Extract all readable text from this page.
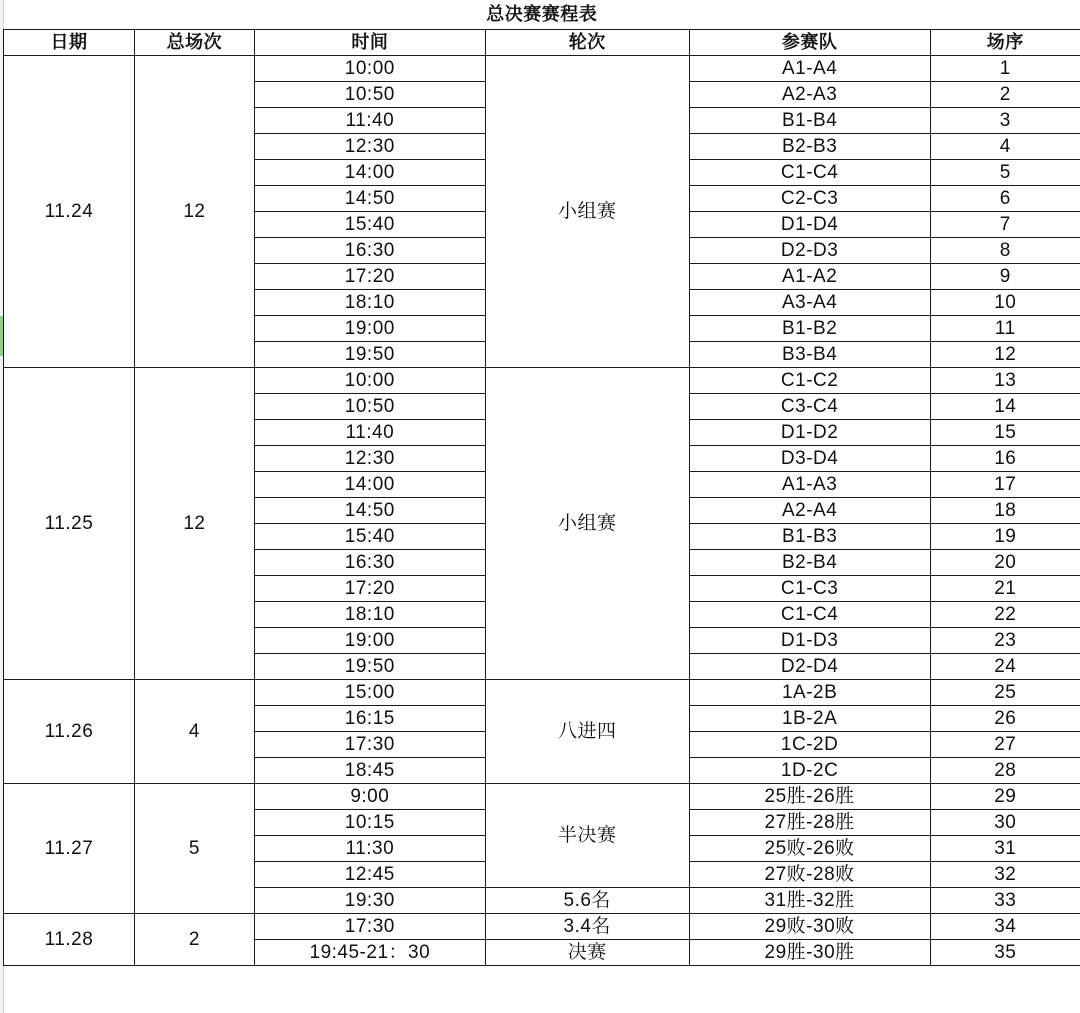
总决赛赛程表					
日期	总场次	时间	轮次	参赛队	场序
11.24	12	10:00	小组赛	A1-A4	1
		10:50		A2-A3	2
		11:40		B1-B4	3
		12:30		B2-B3	4
		14:00		C1-C4	5
		14:50		C2-C3	6
		15:40		D1-D4	7
		16:30		D2-D3	8
		17:20		A1-A2	9
		18:10		A3-A4	10
		19:00		B1-B2	11
		19:50		B3-B4	12
11.25	12	10:00	小组赛	C1-C2	13
		10:50		C3-C4	14
		11:40		D1-D2	15
		12:30		D3-D4	16
		14:00		A1-A3	17
		14:50		A2-A4	18
		15:40		B1-B3	19
		16:30		B2-B4	20
		17:20		C1-C3	21
		18:10		C1-C4	22
		19:00		D1-D3	23
		19:50		D2-D4	24
11.26	4	15:00	八进四	1A-2B	25
		16:15		1B-2A	26
		17:30		1C-2D	27
		18:45		1D-2C	28
11.27	5	9:00	半决赛	25胜-26胜	29
		10:15		27胜-28胜	30
		11:30		25败-26败	31
		12:45		27败-28败	32
		19:30	5.6名	31胜-32胜	33
11.28	2	17:30	3.4名	29败-30败	34
		19:45-21：30	决赛	29胜-30胜	35
